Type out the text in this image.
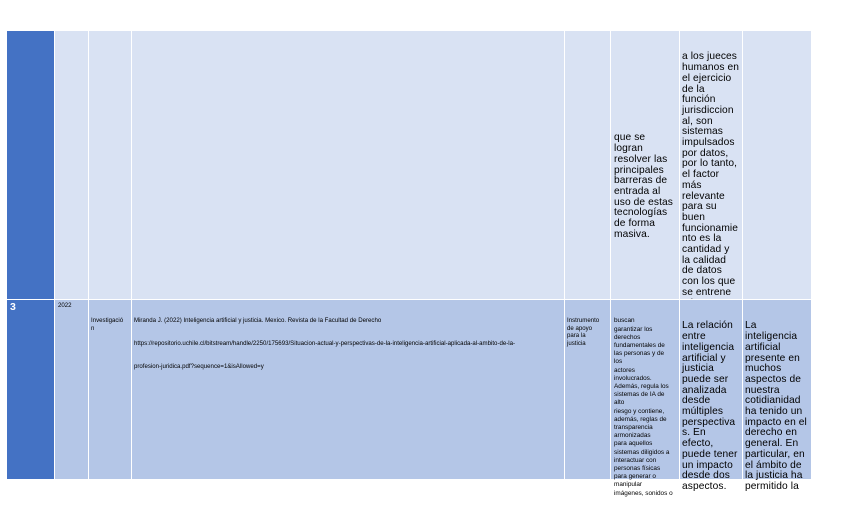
que se
logran
resolver las
principales
barreras de
entrada al
uso de estas
tecnologías
de forma
masiva.

a los jueces
humanos en
el ejercicio
de la
función
jurisdiccion
al, son
sistemas
impulsados
por datos,
por lo tanto,
el factor
más
relevante
para su
buen
funcionamie
nto es la
cantidad y
la calidad
de datos
con los que
se entrene

3	2022

Investigació
n

Miranda J. (2022) Inteligencia artificial y justicia. Mexico. Revista de la Facultad de Derecho

https://repositorio.uchile.cl/bitstream/handle/2250/175693/Situacion-actual-y-perspectivas-de-la-inteligencia-artificial-aplicada-al-ambito-de-la-

profesion-juridica.pdf?sequence=1&isAllowed=y

Instrumento
de apoyo
para la
justicia

buscan
garantizar los
derechos
fundamentales de
las personas y de
los
actores
involucrados.
Además, regula los
sistemas de IA de
alto
riesgo y contiene,
además, reglas de
transparencia
armonizadas
para aquellos
sistemas diligidos a
interactuar con
personas físicas
para generar o
manipular
imágenes, sonidos o

La relación
entre
inteligencia
artificial y
justicia
puede ser
analizada
desde
múltiples
perspectiva
s. En
efecto,
puede tener
un impacto
desde dos
aspectos.

La
inteligencia
artificial
presente en
muchos
aspectos de
nuestra
cotidianidad
ha tenido un
impacto en el
derecho en
general. En
particular, en
el ámbito de
la justicia ha
permitido la
